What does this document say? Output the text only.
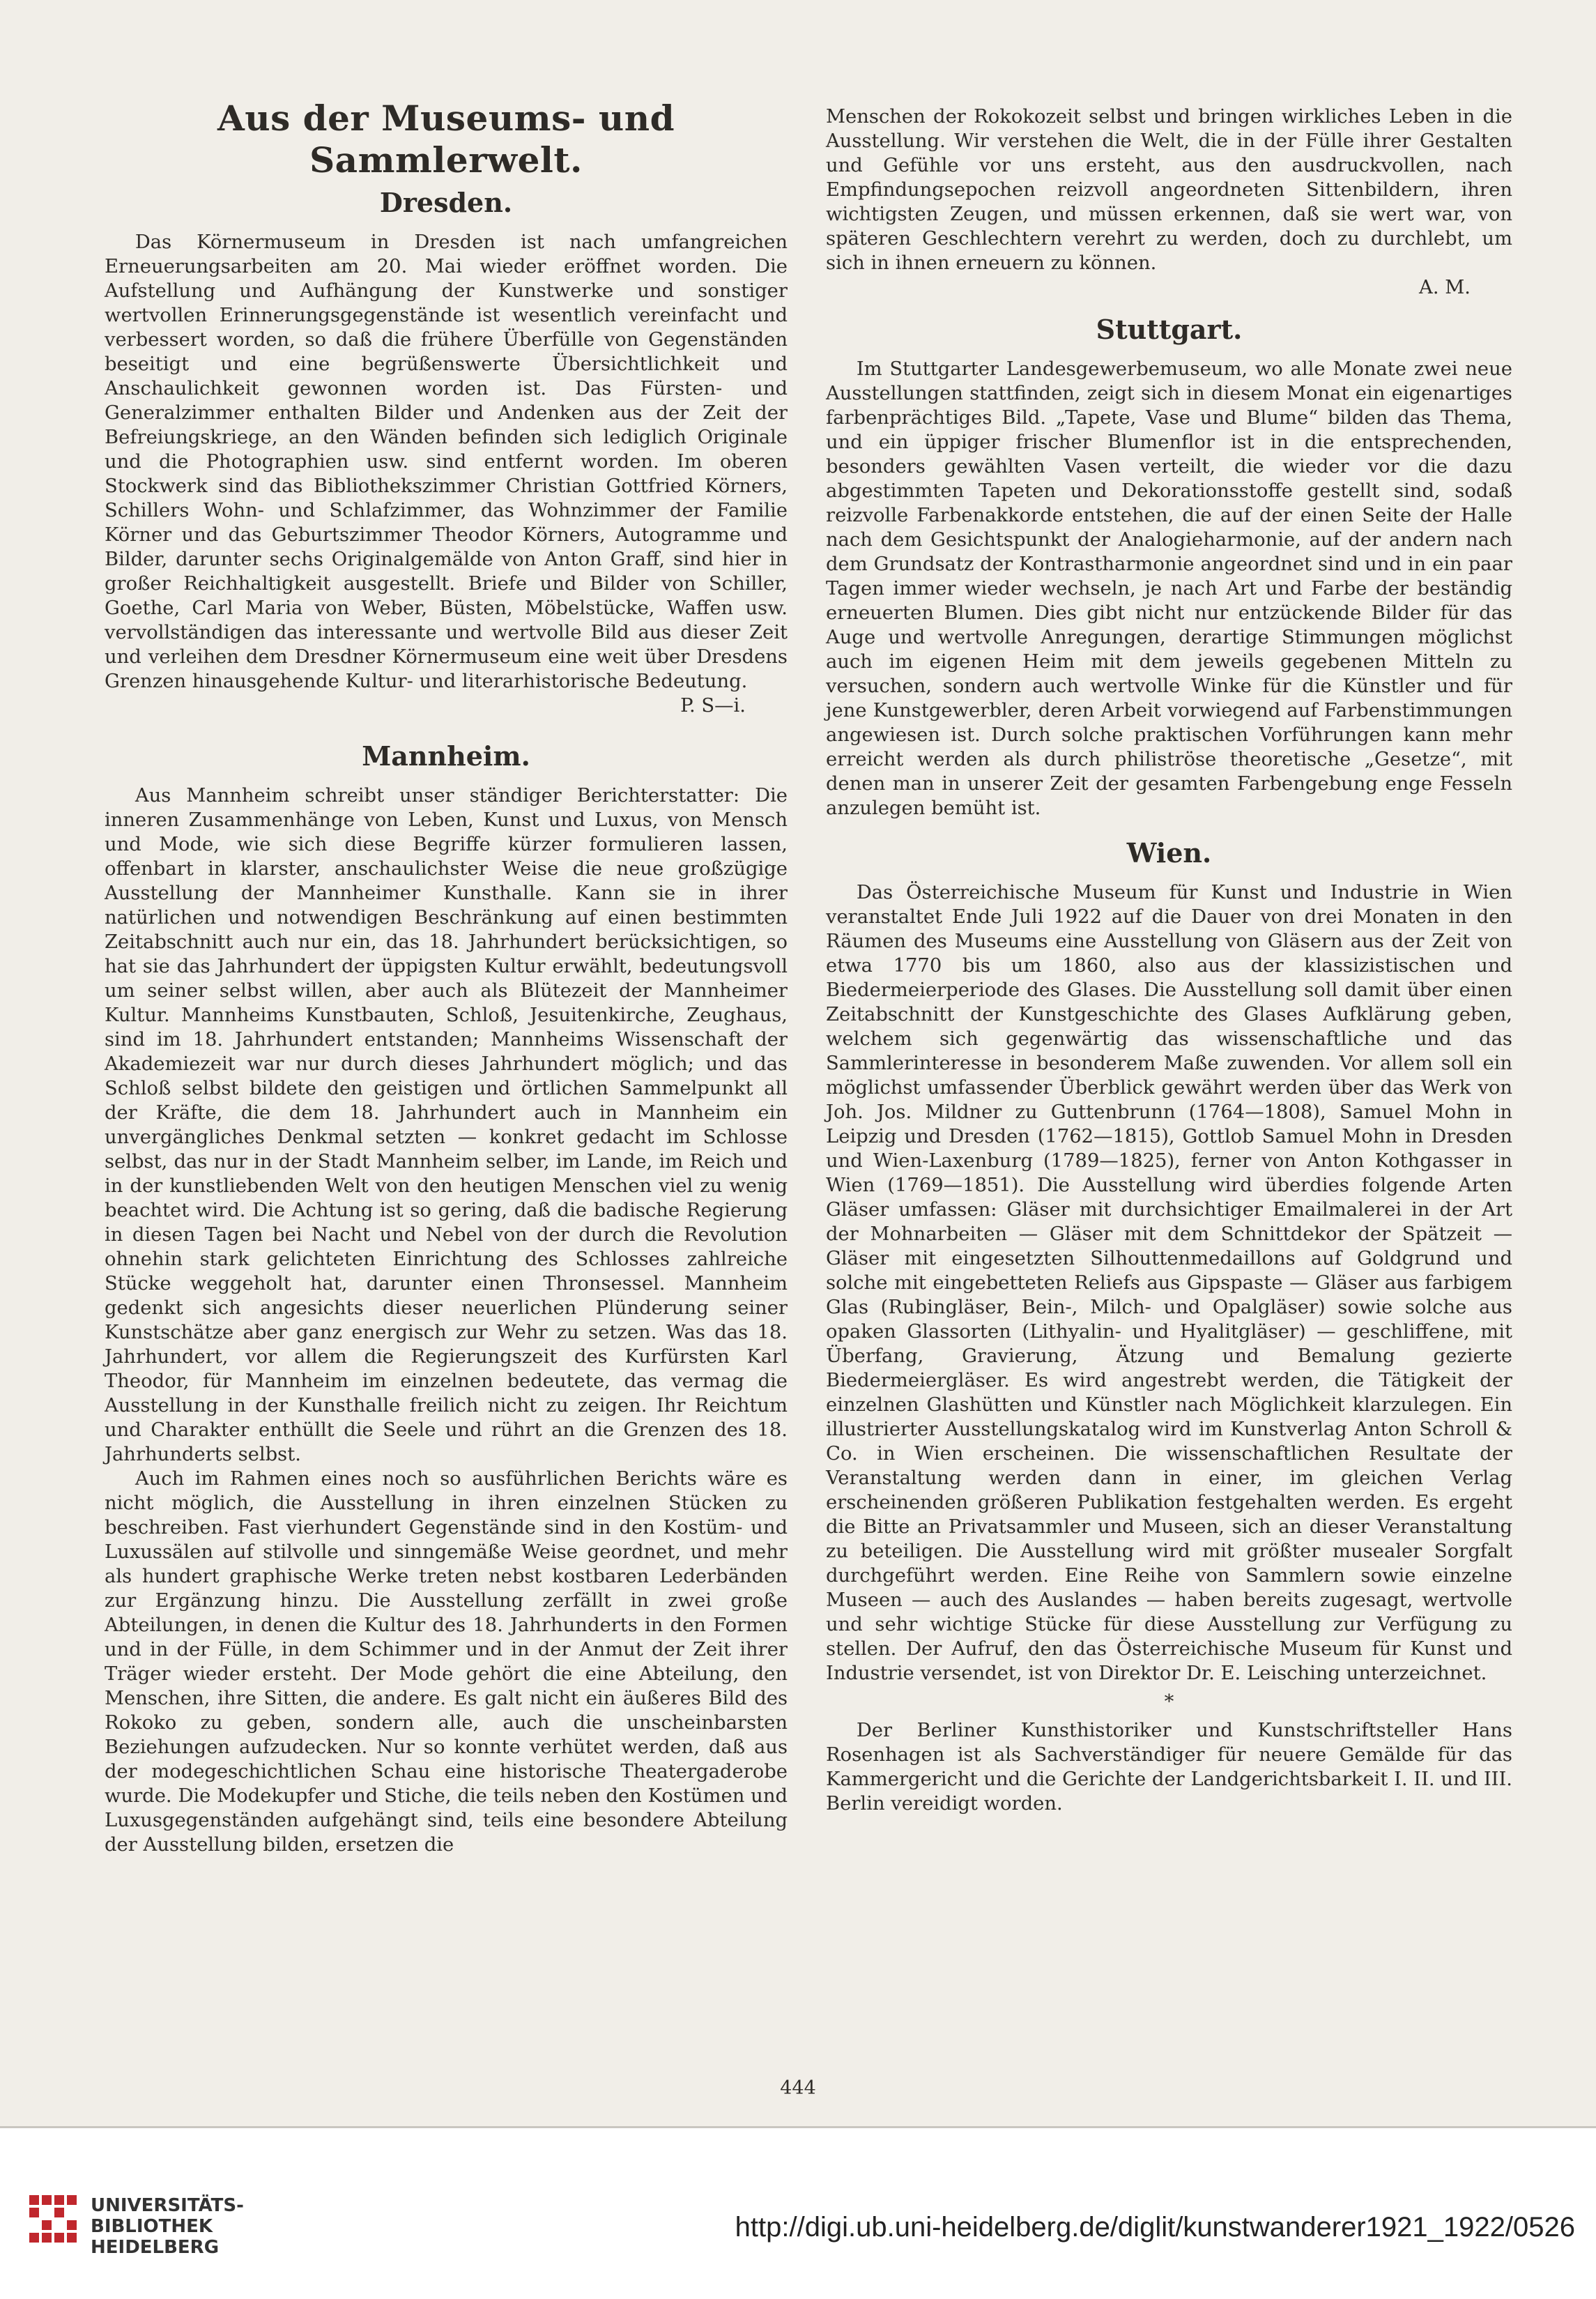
Aus der Museums- und Sammlerwelt.
Dresden.

Das Körnermuseum in Dresden ist nach umfangreichen Erneuerungsarbeiten am 20. Mai wieder eröffnet worden. Die Aufstellung und Aufhängung der Kunstwerke und sonstiger wertvollen Erinnerungsgegenstände ist wesentlich vereinfacht und verbessert worden, so daß die frühere Überfülle von Gegenständen beseitigt und eine begrüßenswerte Übersichtlichkeit und Anschaulichkeit gewonnen worden ist. Das Fürsten- und Generalzimmer enthalten Bilder und Andenken aus der Zeit der Befreiungskriege, an den Wänden befinden sich lediglich Originale und die Photographien usw. sind entfernt worden. Im oberen Stockwerk sind das Bibliothekszimmer Christian Gottfried Körners, Schillers Wohn- und Schlafzimmer, das Wohnzimmer der Familie Körner und das Geburtszimmer Theodor Körners, Autogramme und Bilder, darunter sechs Originalgemälde von Anton Graff, sind hier in großer Reichhaltigkeit ausgestellt. Briefe und Bilder von Schiller, Goethe, Carl Maria von Weber, Büsten, Möbelstücke, Waffen usw. vervollständigen das interessante und wertvolle Bild aus dieser Zeit und verleihen dem Dresdner Körnermuseum eine weit über Dresdens Grenzen hinausgehende Kultur- und literarhistorische Bedeutung.

P. S—i.
Mannheim.

Aus Mannheim schreibt unser ständiger Berichterstatter: Die inneren Zusammenhänge von Leben, Kunst und Luxus, von Mensch und Mode, wie sich diese Begriffe kürzer formulieren lassen, offenbart in klarster, anschaulichster Weise die neue großzügige Ausstellung der Mannheimer Kunsthalle. Kann sie in ihrer natürlichen und notwendigen Beschränkung auf einen bestimmten Zeitabschnitt auch nur ein, das 18. Jahrhundert berücksichtigen, so hat sie das Jahrhundert der üppigsten Kultur erwählt, bedeutungsvoll um seiner selbst willen, aber auch als Blütezeit der Mannheimer Kultur. Mannheims Kunstbauten, Schloß, Jesuitenkirche, Zeughaus, sind im 18. Jahrhundert entstanden; Mannheims Wissenschaft der Akademiezeit war nur durch dieses Jahrhundert möglich; und das Schloß selbst bildete den geistigen und örtlichen Sammelpunkt all der Kräfte, die dem 18. Jahrhundert auch in Mannheim ein unvergängliches Denkmal setzten — konkret gedacht im Schlosse selbst, das nur in der Stadt Mannheim selber, im Lande, im Reich und in der kunstliebenden Welt von den heutigen Menschen viel zu wenig beachtet wird. Die Achtung ist so gering, daß die badische Regierung in diesen Tagen bei Nacht und Nebel von der durch die Revolution ohnehin stark gelichteten Einrichtung des Schlosses zahlreiche Stücke weggeholt hat, darunter einen Thronsessel. Mannheim gedenkt sich angesichts dieser neuerlichen Plünderung seiner Kunstschätze aber ganz energisch zur Wehr zu setzen. Was das 18. Jahrhundert, vor allem die Regierungszeit des Kurfürsten Karl Theodor, für Mannheim im einzelnen bedeutete, das vermag die Ausstellung in der Kunsthalle freilich nicht zu zeigen. Ihr Reichtum und Charakter enthüllt die Seele und rührt an die Grenzen des 18. Jahrhunderts selbst.

Auch im Rahmen eines noch so ausführlichen Berichts wäre es nicht möglich, die Ausstellung in ihren einzelnen Stücken zu beschreiben. Fast vierhundert Gegenstände sind in den Kostüm- und Luxussälen auf stilvolle und sinngemäße Weise geordnet, und mehr als hundert graphische Werke treten nebst kostbaren Lederbänden zur Ergänzung hinzu. Die Ausstellung zerfällt in zwei große Abteilungen, in denen die Kultur des 18. Jahrhunderts in den Formen und in der Fülle, in dem Schimmer und in der Anmut der Zeit ihrer Träger wieder ersteht. Der Mode gehört die eine Abteilung, den Menschen, ihre Sitten, die andere. Es galt nicht ein äußeres Bild des Rokoko zu geben, sondern alle, auch die unscheinbarsten Beziehungen aufzudecken. Nur so konnte verhütet werden, daß aus der modegeschichtlichen Schau eine historische Theatergaderobe wurde. Die Modekupfer und Stiche, die teils neben den Kostümen und Luxusgegenständen aufgehängt sind, teils eine besondere Abteilung der Ausstellung bilden, ersetzen die

Menschen der Rokokozeit selbst und bringen wirkliches Leben in die Ausstellung. Wir verstehen die Welt, die in der Fülle ihrer Gestalten und Gefühle vor uns ersteht, aus den ausdruckvollen, nach Empfindungsepochen reizvoll angeordneten Sittenbildern, ihren wichtigsten Zeugen, und müssen erkennen, daß sie wert war, von späteren Geschlechtern verehrt zu werden, doch zu durchlebt, um sich in ihnen erneuern zu können.

A. M.
Stuttgart.

Im Stuttgarter Landesgewerbemuseum, wo alle Monate zwei neue Ausstellungen stattfinden, zeigt sich in diesem Monat ein eigenartiges farbenprächtiges Bild. „Tapete, Vase und Blume“ bilden das Thema, und ein üppiger frischer Blumenflor ist in die entsprechenden, besonders gewählten Vasen verteilt, die wieder vor die dazu abgestimmten Tapeten und Dekorationsstoffe gestellt sind, sodaß reizvolle Farbenakkorde entstehen, die auf der einen Seite der Halle nach dem Gesichtspunkt der Analogieharmonie, auf der andern nach dem Grundsatz der Kontrastharmonie angeordnet sind und in ein paar Tagen immer wieder wechseln, je nach Art und Farbe der beständig erneuerten Blumen. Dies gibt nicht nur entzückende Bilder für das Auge und wertvolle Anregungen, derartige Stimmungen möglichst auch im eigenen Heim mit dem jeweils gegebenen Mitteln zu versuchen, sondern auch wertvolle Winke für die Künstler und für jene Kunstgewerbler, deren Arbeit vorwiegend auf Farbenstimmungen angewiesen ist. Durch solche praktischen Vorführungen kann mehr erreicht werden als durch philiströse theoretische „Gesetze“, mit denen man in unserer Zeit der gesamten Farbengebung enge Fesseln anzulegen bemüht ist.

Wien.

Das Österreichische Museum für Kunst und Industrie in Wien veranstaltet Ende Juli 1922 auf die Dauer von drei Monaten in den Räumen des Museums eine Ausstellung von Gläsern aus der Zeit von etwa 1770 bis um 1860, also aus der klassizistischen und Biedermeierperiode des Glases. Die Ausstellung soll damit über einen Zeitabschnitt der Kunstgeschichte des Glases Aufklärung geben, welchem sich gegenwärtig das wissenschaftliche und das Sammlerinteresse in besonderem Maße zuwenden. Vor allem soll ein möglichst umfassender Überblick gewährt werden über das Werk von Joh. Jos. Mildner zu Guttenbrunn (1764—1808), Samuel Mohn in Leipzig und Dresden (1762—1815), Gottlob Samuel Mohn in Dresden und Wien-Laxenburg (1789—1825), ferner von Anton Kothgasser in Wien (1769—1851). Die Ausstellung wird überdies folgende Arten Gläser umfassen: Gläser mit durchsichtiger Emailmalerei in der Art der Mohnarbeiten — Gläser mit dem Schnittdekor der Spätzeit — Gläser mit eingesetzten Silhouttenmedaillons auf Goldgrund und solche mit eingebetteten Reliefs aus Gipspaste — Gläser aus farbigem Glas (Rubingläser, Bein-, Milch- und Opalgläser) sowie solche aus opaken Glassorten (Lithyalin- und Hyalitgläser) — geschliffene, mit Überfang, Gravierung, Ätzung und Bemalung gezierte Biedermeiergläser. Es wird angestrebt werden, die Tätigkeit der einzelnen Glashütten und Künstler nach Möglichkeit klarzulegen. Ein illustrierter Ausstellungskatalog wird im Kunstverlag Anton Schroll & Co. in Wien erscheinen. Die wissenschaftlichen Resultate der Veranstaltung werden dann in einer, im gleichen Verlag erscheinenden größeren Publikation festgehalten werden. Es ergeht die Bitte an Privatsammler und Museen, sich an dieser Veranstaltung zu beteiligen. Die Ausstellung wird mit größter musealer Sorgfalt durchgeführt werden. Eine Reihe von Sammlern sowie einzelne Museen — auch des Auslandes — haben bereits zugesagt, wertvolle und sehr wichtige Stücke für diese Ausstellung zur Verfügung zu stellen. Der Aufruf, den das Österreichische Museum für Kunst und Industrie versendet, ist von Direktor Dr. E. Leisching unterzeichnet.

*

Der Berliner Kunsthistoriker und Kunstschriftsteller Hans Rosenhagen ist als Sachverständiger für neuere Gemälde für das Kammergericht und die Gerichte der Landgerichtsbarkeit I. II. und III. Berlin vereidigt worden.

444
UNIVERSITÄTS-
BIBLIOTHEK
HEIDELBERG
http://digi.ub.uni-heidelberg.de/diglit/kunstwanderer1921_1922/0526
